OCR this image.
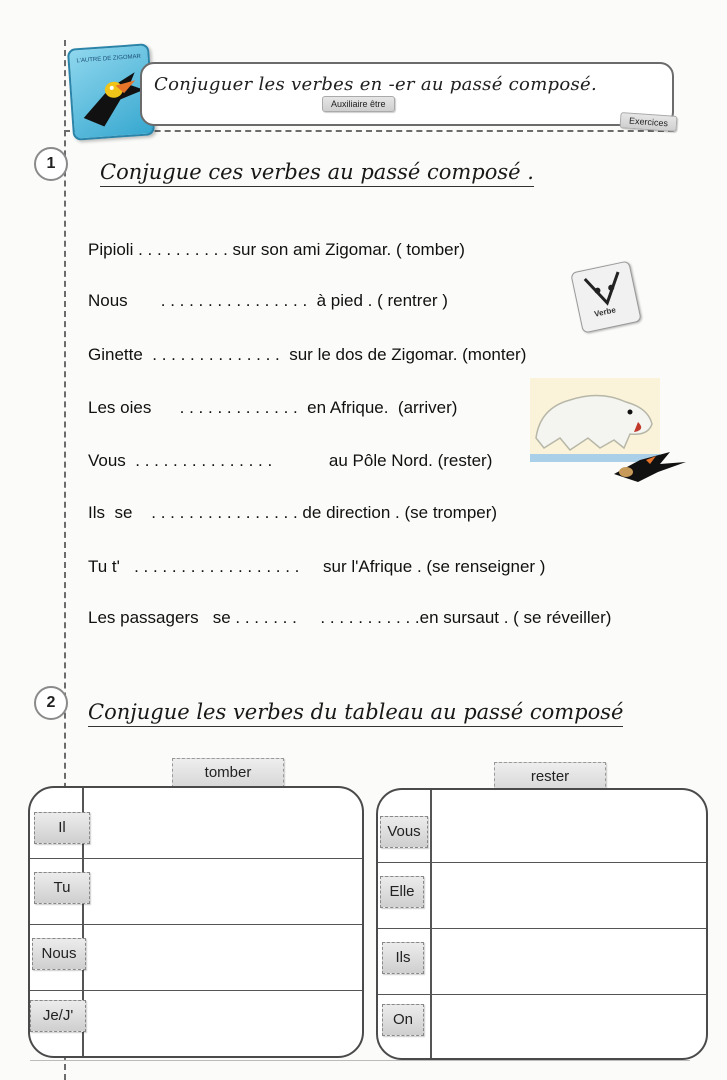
L'AUTRE DE ZIGOMAR
Conjuguer les verbes en -er au passé composé.
Auxiliaire être
Exercices
1	Conjugue ces verbes au passé composé .
Pipioli . . . . . . . . . . sur son ami Zigomar. ( tomber)
Nous       . . . . . . . . . . . . . . . .  à pied . ( rentrer )
Ginette  . . . . . . . . . . . . . .  sur le dos de Zigomar. (monter)
Les oies      . . . . . . . . . . . . .  en Afrique.  (arriver)
Vous  . . . . . . . . . . . . . . .            au Pôle Nord. (rester)
Ils  se    . . . . . . . . . . . . . . . . de direction . (se tromper)
Tu t'   . . . . . . . . . . . . . . . . . .     sur l'Afrique . (se renseigner )
Les passagers   se . . . . . . .     . . . . . . . . . . .en sursaut . ( se réveiller)
Verbe
2	Conjugue les verbes du tableau au passé composé
tomber
Il
Tu
Nous
Je/J'
rester
Vous
Elle
Ils
On
